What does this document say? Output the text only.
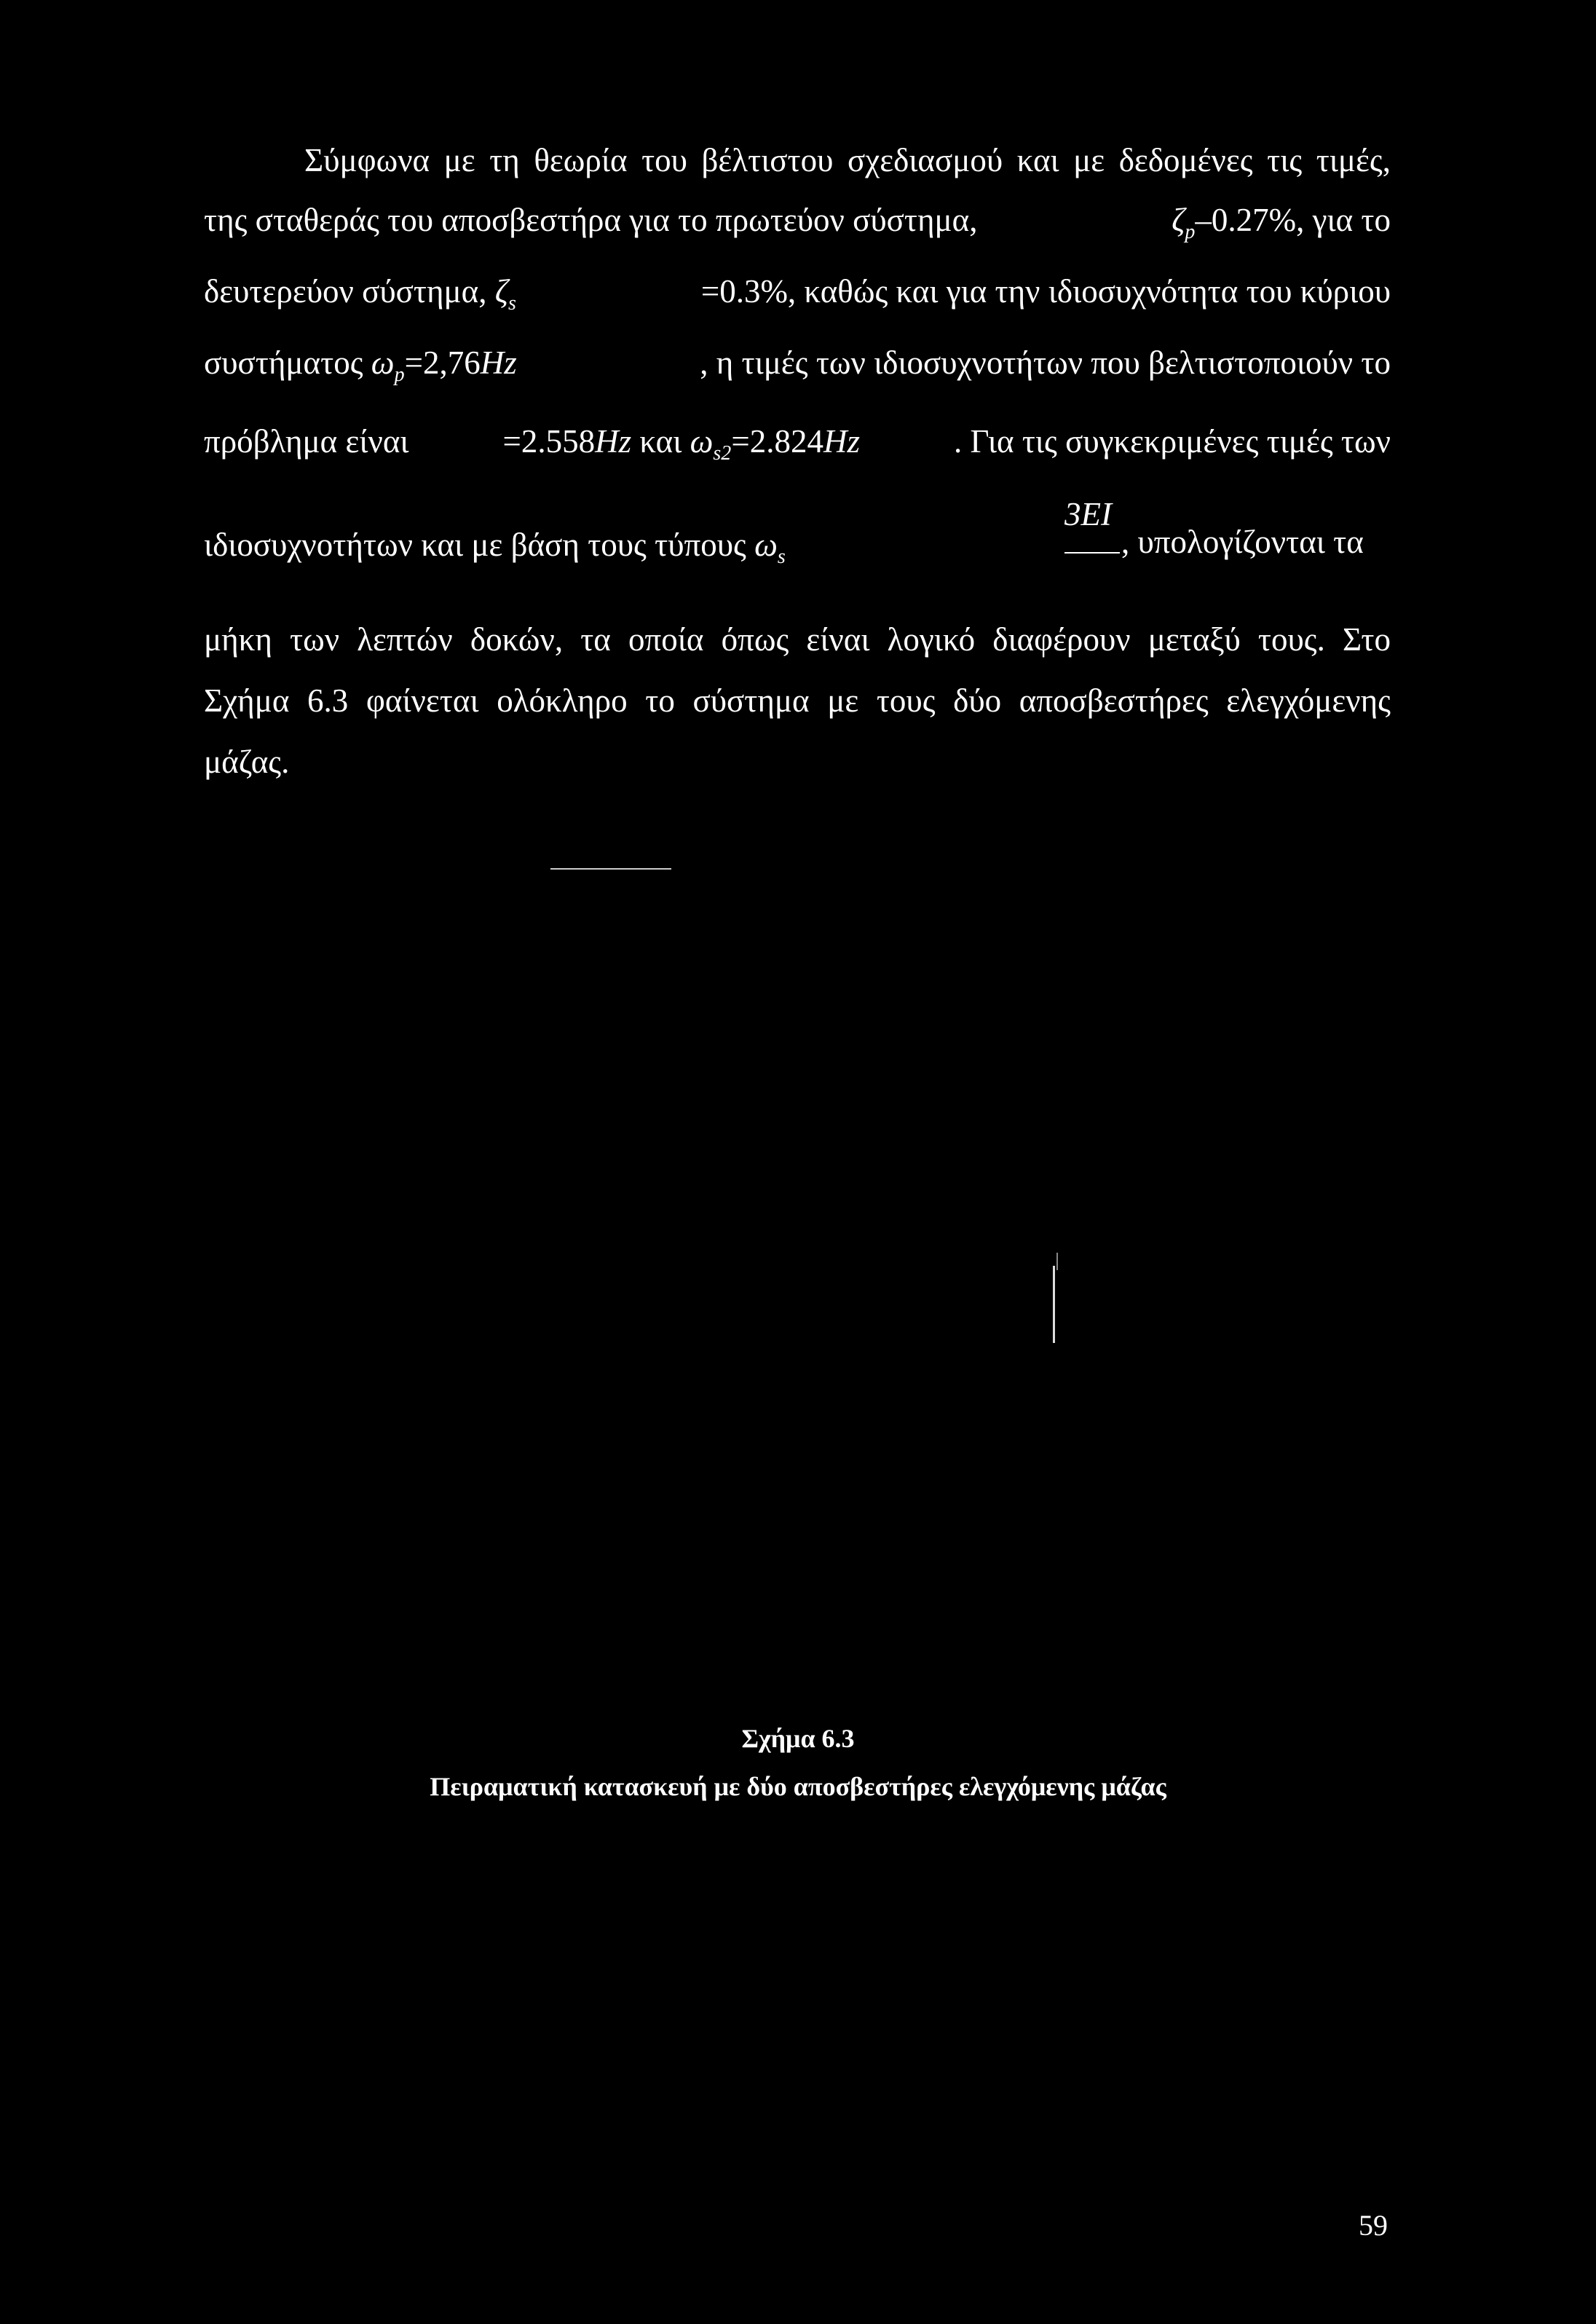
Σύμφωνα με τη θεωρία του βέλτιστου σχεδιασμού και με δεδομένες τις τιμές,
της σταθεράς του αποσβεστήρα για το πρωτεύον σύστημα,	$\zeta_p-0.27\%$, για το
δευτερεύον σύστημα, $\zeta_s$	=0.3%, καθώς και για την ιδιοσυχνότητα του κύριου
συστήματος $\omega_p=2,76Hz$	, η τιμές των ιδιοσυχνοτήτων που βελτιστοποιούν το
πρόβλημα είναι	=2.558Hz και $\omega_{s2}=2.824Hz$	. Για τις συγκεκριμένες τιμές των
ιδιοσυχνοτήτων και με βάση τους τύπους $\omega_s$
3EI
, υπολογίζονται τα
μήκη των λεπτών δοκών, τα οποία όπως είναι λογικό διαφέρουν μεταξύ τους. Στο
Σχήμα 6.3 φαίνεται ολόκληρο το σύστημα με τους δύο αποσβεστήρες ελεγχόμενης
μάζας.
Σχήμα 6.3
Πειραματική κατασκευή με δύο αποσβεστήρες ελεγχόμενης μάζας
59
